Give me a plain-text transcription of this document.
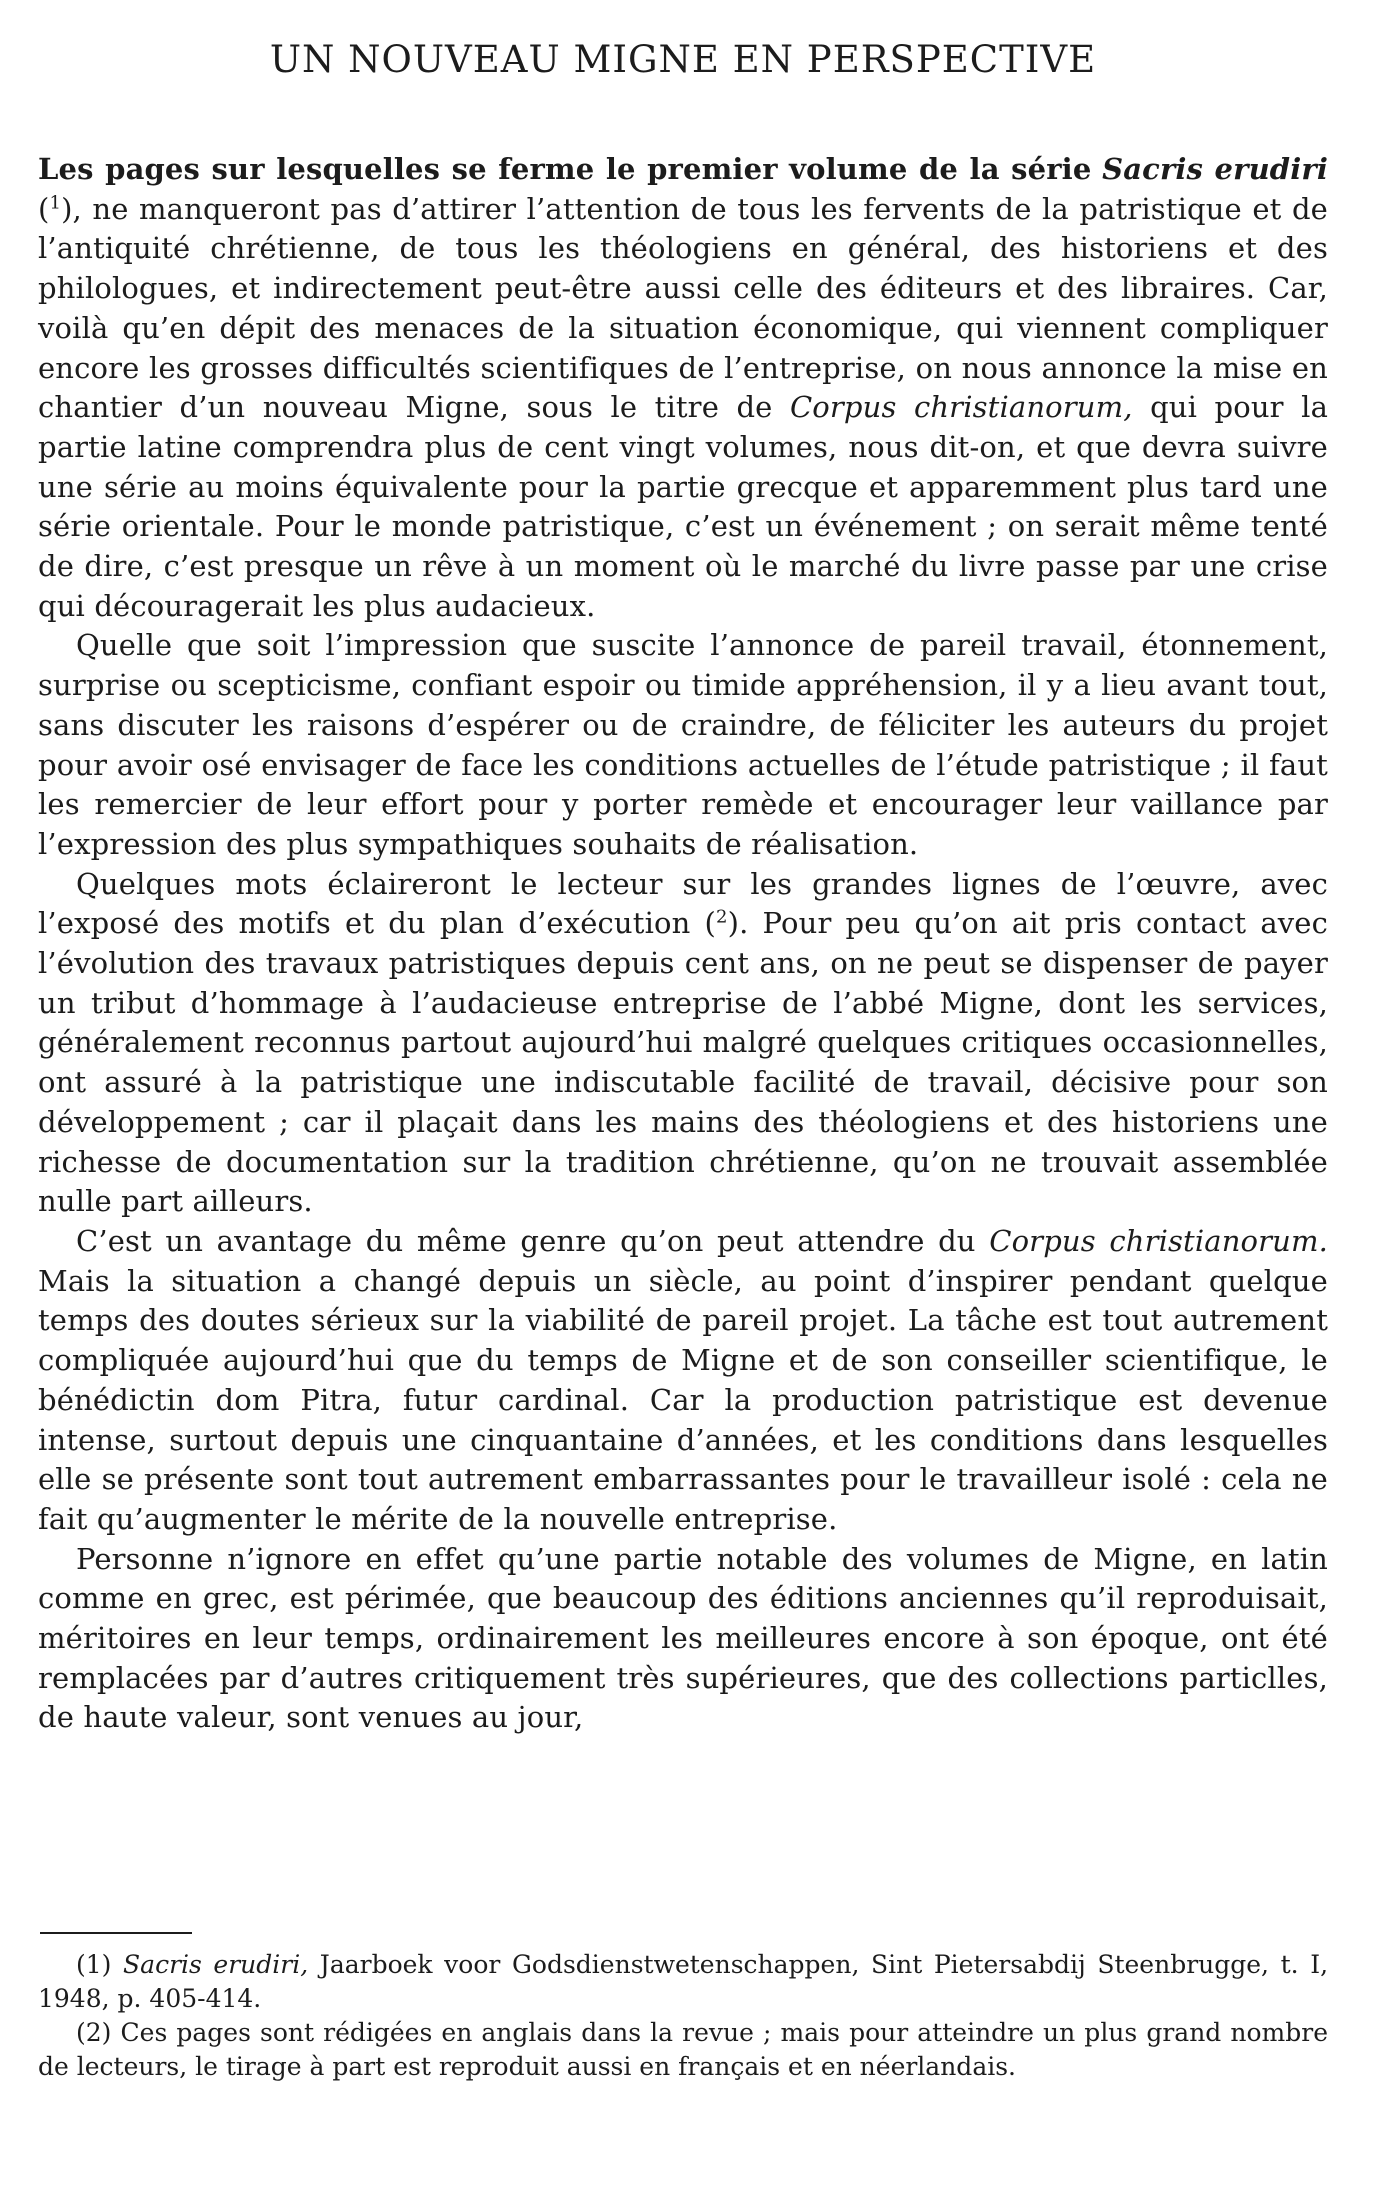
UN NOUVEAU MIGNE EN PERSPECTIVE

Les pages sur lesquelles se ferme le premier volume de la série Sacris erudiri ($^1$), ne manqueront pas d’attirer l’attention de tous les fervents de la patristique et de l’antiquité chrétienne, de tous les théologiens en général, des historiens et des philologues, et indirectement peut-être aussi celle des éditeurs et des libraires. Car, voilà qu’en dépit des menaces de la situation économique, qui viennent compliquer encore les grosses difficultés scientifiques de l’entreprise, on nous annonce la mise en chantier d’un nouveau Migne, sous le titre de Corpus christianorum, qui pour la partie latine comprendra plus de cent vingt volumes, nous dit-on, et que devra suivre une série au moins équivalente pour la partie grecque et apparemment plus tard une série orientale. Pour le monde patristique, c’est un événement ; on serait même tenté de dire, c’est presque un rêve à un moment où le marché du livre passe par une crise qui découragerait les plus audacieux.

Quelle que soit l’impression que suscite l’annonce de pareil travail, étonnement, surprise ou scepticisme, confiant espoir ou timide appréhension, il y a lieu avant tout, sans discuter les raisons d’espérer ou de craindre, de féliciter les auteurs du projet pour avoir osé envisager de face les conditions actuelles de l’étude patristique ; il faut les remercier de leur effort pour y porter remède et encourager leur vaillance par l’expression des plus sympathiques souhaits de réalisation.

Quelques mots éclaireront le lecteur sur les grandes lignes de l’œuvre, avec l’exposé des motifs et du plan d’exécution ($^2$). Pour peu qu’on ait pris contact avec l’évolution des travaux patristiques depuis cent ans, on ne peut se dispenser de payer un tribut d’hommage à l’audacieuse entreprise de l’abbé Migne, dont les services, généralement reconnus partout aujourd’hui malgré quelques critiques occasionnelles, ont assuré à la patristique une indiscutable facilité de travail, décisive pour son développement ; car il plaçait dans les mains des théologiens et des historiens une richesse de documentation sur la tradition chrétienne, qu’on ne trouvait assemblée nulle part ailleurs.

C’est un avantage du même genre qu’on peut attendre du Corpus christianorum. Mais la situation a changé depuis un siècle, au point d’inspirer pendant quelque temps des doutes sérieux sur la viabilité de pareil projet. La tâche est tout autrement compliquée aujourd’hui que du temps de Migne et de son conseiller scientifique, le bénédictin dom Pitra, futur cardinal. Car la production patristique est devenue intense, surtout depuis une cinquantaine d’années, et les conditions dans lesquelles elle se présente sont tout autrement embarrassantes pour le travailleur isolé : cela ne fait qu’augmenter le mérite de la nouvelle entreprise.

Personne n’ignore en effet qu’une partie notable des volumes de Migne, en latin comme en grec, est périmée, que beaucoup des éditions anciennes qu’il reproduisait, méritoires en leur temps, ordinairement les meilleures encore à son époque, ont été remplacées par d’autres critiquement très supérieures, que des collections particlles, de haute valeur, sont venues au jour,

(1) Sacris erudiri, Jaarboek voor Godsdienstwetenschappen, Sint Pietersabdij Steenbrugge, t. I, 1948, p. 405-414.

(2) Ces pages sont rédigées en anglais dans la revue ; mais pour atteindre un plus grand nombre de lecteurs, le tirage à part est reproduit aussi en français et en néerlandais.
